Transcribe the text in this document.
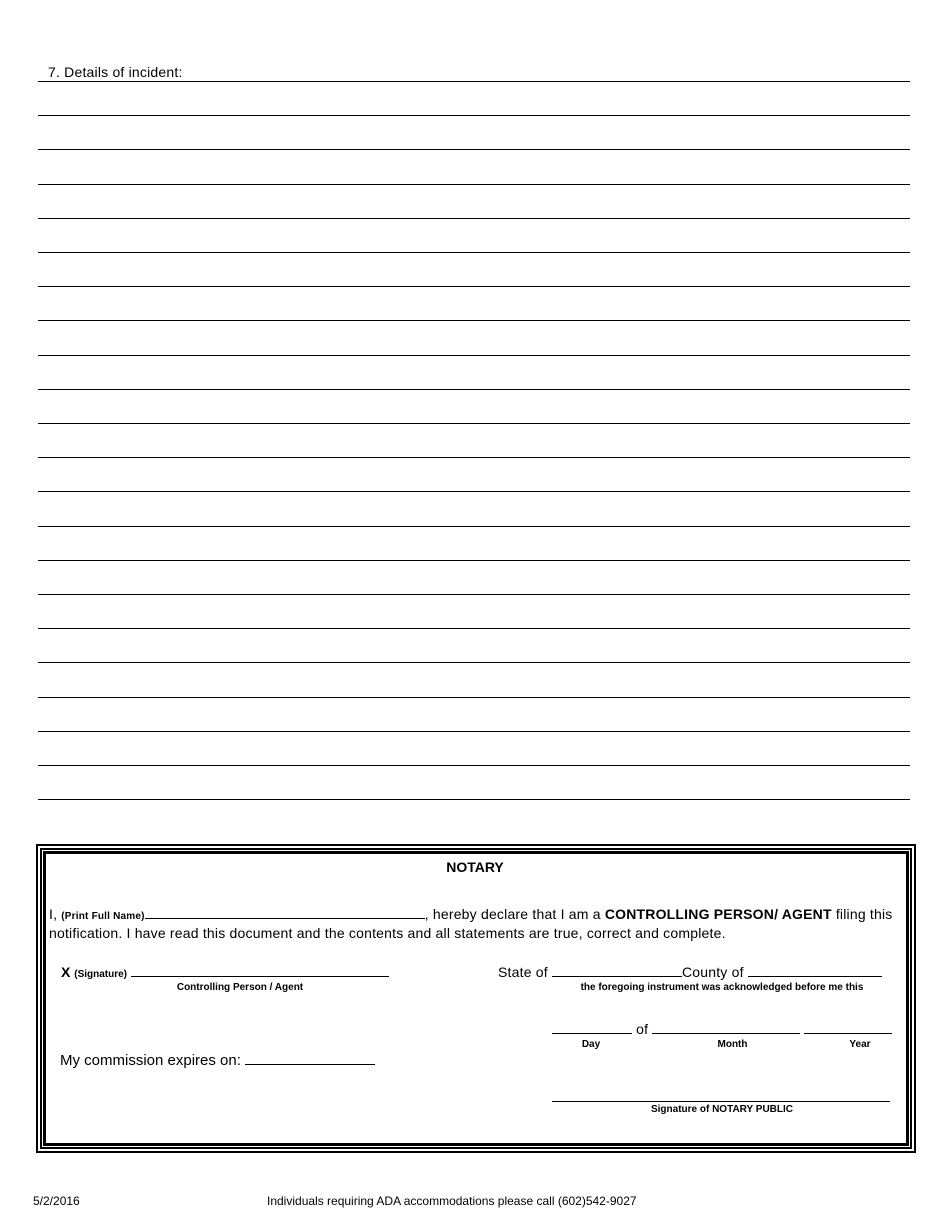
7. Details of incident:
NOTARY
I, (Print Full Name)	, hereby declare that I am a CONTROLLING PERSON/ AGENT filing this
notification. I have read this document and the contents and all statements are true, correct and complete.
X (Signature)
Controlling Person / Agent
State of	County of
the foregoing instrument was acknowledged before me this
of
Day	Month	Year
My commission expires on:
Signature of NOTARY PUBLIC
5/2/2016	Individuals requiring ADA accommodations please call (602)542-9027
